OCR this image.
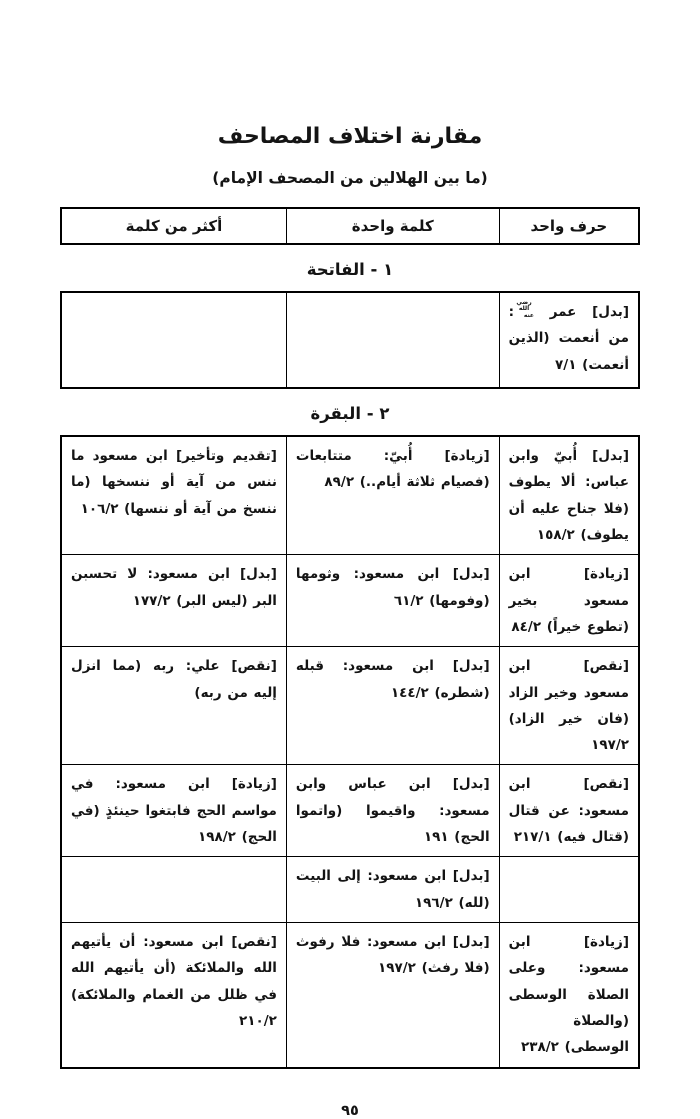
مقارنة اختلاف المصاحف
(ما بين الهلالين من المصحف الإمام)
حرف واحد	كلمة واحدة	أكثر من كلمة
١ - الفاتحة
[بدل] عمر رضي الله عنه: من أنعمت (الذين أنعمت) ٧/١		
٢ - البقرة
[بدل] أُبيّ وابن عباس: ألا يطوف (فلا جناح عليه أن يطوف) ١٥٨/٢	[زيادة] أُبيّ: متتابعات (فصيام ثلاثة أيام..) ٨٩/٢	[تقديم وتأخير] ابن مسعود ما ننس من آية أو ننسخها (ما ننسخ من آية أو ننسها) ١٠٦/٢
[زيادة] ابن مسعود بخير (تطوع خيراً) ٨٤/٢	[بدل] ابن مسعود: وثومها (وفومها) ٦١/٢	[بدل] ابن مسعود: لا تحسبن البر (ليس البر) ١٧٧/٢
[نقص] ابن مسعود وخير الزاد (فان خير الزاد) ١٩٧/٢	[بدل] ابن مسعود: قبله (شطره) ١٤٤/٢	[نقص] علي: ربه (مما انزل إليه من ربه)
[نقص] ابن مسعود: عن قتال (قتال فيه) ٢١٧/١	[بدل] ابن عباس وابن مسعود: واقيموا (واتموا الحج) ١٩١	[زيادة] ابن مسعود: في مواسم الحج فابتغوا حينئذٍ (في الحج) ١٩٨/٢
	[بدل] ابن مسعود: إلى البيت (لله) ١٩٦/٢	
[زيادة] ابن مسعود: وعلى الصلاة الوسطى (والصلاة الوسطى) ٢٣٨/٢	[بدل] ابن مسعود: فلا رفوث (فلا رفث) ١٩٧/٢	[نقص] ابن مسعود: أن يأتيهم الله والملائكة (أن يأتيهم الله في ظلل من الغمام والملائكة) ٢١٠/٢
٩٥
